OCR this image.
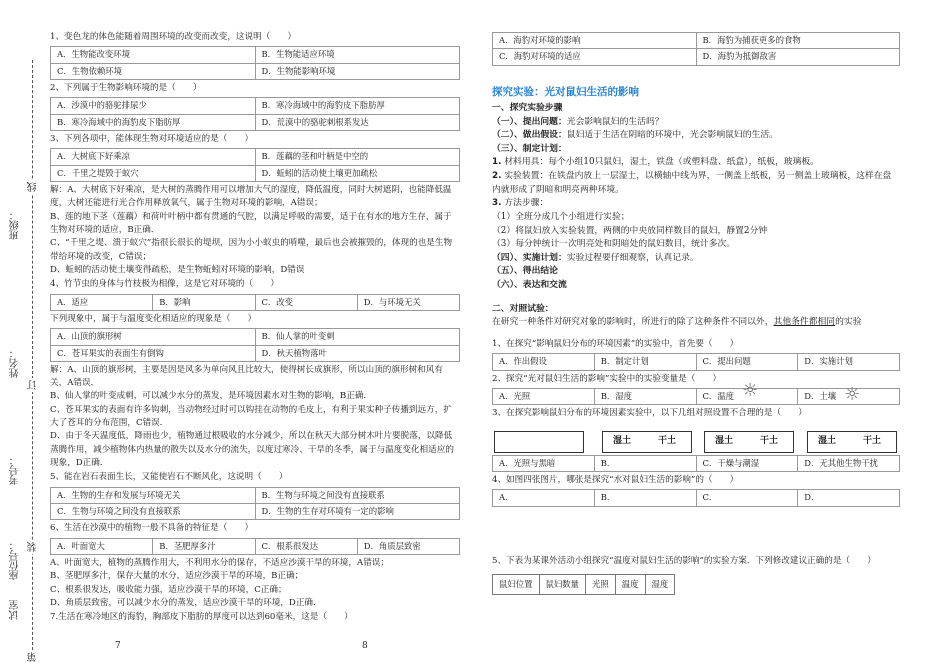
班级：
姓名：
考号：
座位号：
试室
线
订
装
第

1、变色龙的体色能随着周围环境的改变而改变，这说明（　　）

A．生物能改变环境	B．生物能适应环境
C．生物依赖环境	D．生物能影响环境

2、下列属于生物影响环境的是（　　）

A．沙漠中的骆驼排尿少	B．寒冷海域中的海豹皮下脂肪厚
B．寒冷海域中的海豹皮下脂肪厚	D．荒漠中的骆驼刺根系发达

3、下列各项中，能体现生物对环境适应的是（　　）

A．大树底下好乘凉	B．莲藕的茎和叶柄是中空的
C．千里之堤毁于蚁穴	D．蚯蚓的活动使土壤更加疏松

解：A、大树底下好乘凉，是大树的蒸腾作用可以增加大气的湿度，降低温度，同时大树遮阴，也能降低温度，大树还能进行光合作用释放氧气，属于生物对环境的影响，A错误；

B、莲的地下茎（莲藕）和荷叶叶柄中都有贯通的气腔，以满足呼吸的需要，适于在有水的地方生存，属于生物对环境的适应，B正确．

C、“千里之堤、溃于蚁穴”指很长很长的堤坝，因为小小蚁虫的啃噬，最后也会被摧毁的，体现的也是生物带给环境的改变，C错误；

D、蚯蚓的活动使土壤变得疏松，是生物蚯蚓对环境的影响，D错误

4、竹节虫的身体与竹枝极为相像，这是它对环境的（　　）

A．适应	B．影响	C．改变	D．与环境无关

下列现象中，属于与温度变化相适应的现象是（　　）

A．山顶的旗形树	B．仙人掌的叶变刺
C．苍耳果实的表面生有倒钩	D．秋天植物落叶

解：A、山顶的旗形树，主要是因是风多为单向风且比较大，使得树长成旗形，所以山顶的旗形树和风有关，A错误．

B、仙人掌的叶变成刺，可以减少水分的蒸发，是环境因素水对生物的影响，B正确．

C、苍耳果实的表面有许多钩刺，当动物经过时可以钩挂在动物的毛皮上，有利于果实种子传播到远方，扩大了苍耳的分布范围，C错误．

D、由于冬天温度低，降雨也少，植物通过根吸收的水分减少，所以在秋天大部分树木叶片要脱落，以降低蒸腾作用，减少植物体内热量的散失以及水分的流失，以度过寒冷、干旱的冬季，属于与温度变化相适应的现象，D正确．

5、能在岩石表面生长，又能使岩石不断风化，这说明（　　）

A．生物的生存和发展与环境无关	B．生物与环境之间没有直接联系
C．生物与环境之间没有直接联系	D．生物的生存对环境有一定的影响

6、生活在沙漠中的植物一般不具备的特征是（　　）

A．叶面宽大	B．茎肥厚多汁	C．根系很发达	D．角质层致密

A、叶面宽大，植物的蒸腾作用大，不利用水分的保存，不适应沙漠干旱的环境，A错误；

B、茎肥厚多汁，保存大量的水分，适应沙漠干旱的环境，B正确；

C、根系很发达，吸收能力强，适应沙漠干旱的环境，C正确；

D、角质层致密，可以减少水分的蒸发，适应沙漠干旱的环境，D正确．

7.生活在寒冷地区的海豹，胸部皮下脂肪的厚度可以达到60毫米，这是（　　）

7
A．海豹对环境的影响	B．海豹为捕获更多的食物
C．海豹对环境的适应	D．海豹为抵御敌害

探究实验：光对鼠妇生活的影响

一、探究实验步骤

（一）、提出问题：光会影响鼠妇的生活吗？

（二）、做出假设：鼠妇适于生活在阴暗的环境中，光会影响鼠妇的生活。

（三）、制定计划：

1. 材料用具：每个小组10只鼠妇，湿土，铁盘（或塑料盘、纸盒），纸板，玻璃板。

2. 实验装置：在铁盘内放上一层湿土，以横轴中线为界，一侧盖上纸板，另一侧盖上玻璃板，这样在盘内就形成了阴暗和明亮两种环境。

3. 方法步骤：

（1）全班分成几个小组进行实验；

（2）将鼠妇放入实验装置，两侧的中央放同样数目的鼠妇，静置2分钟

（3）每分钟统计一次明亮处和阴暗处的鼠妇数目，统计多次。

（四）、实施计划：实验过程要仔细观察，认真记录。

（五）、得出结论

（六）、表达和交流

二、对照试验：

在研究一种条件对研究对象的影响时，所进行的除了这种条件不同以外，其他条件都相同的实验

1、在探究“影响鼠妇分布的环境因素”的实验中，首先要（　　）

A．作出假设	B．制定计划	C．提出问题	D．实施计划

2、探究“光对鼠妇生活的影响”实验中的实验变量是（　　）

A．光照	B．湿度	C．温度	D．土壤
☼	☼

3、在探究影响鼠妇分布的环境因素实验中，以下几组对照设置不合理的是（　　）

湿土	干土	湿土	干土	湿土	干土
A．光照与黑暗	B．	C．干燥与潮湿	D．无其他生物干扰

4、如图四张图片，哪张是探究“水对鼠妇生活的影响”的（　　）

A．	B．	C．	D．

5、下表为某课外活动小组探究“温度对鼠妇生活的影响”的实验方案．下列修改建议正确的是（　　）

鼠妇位置	鼠妇数量	光照	温度	湿度
8
